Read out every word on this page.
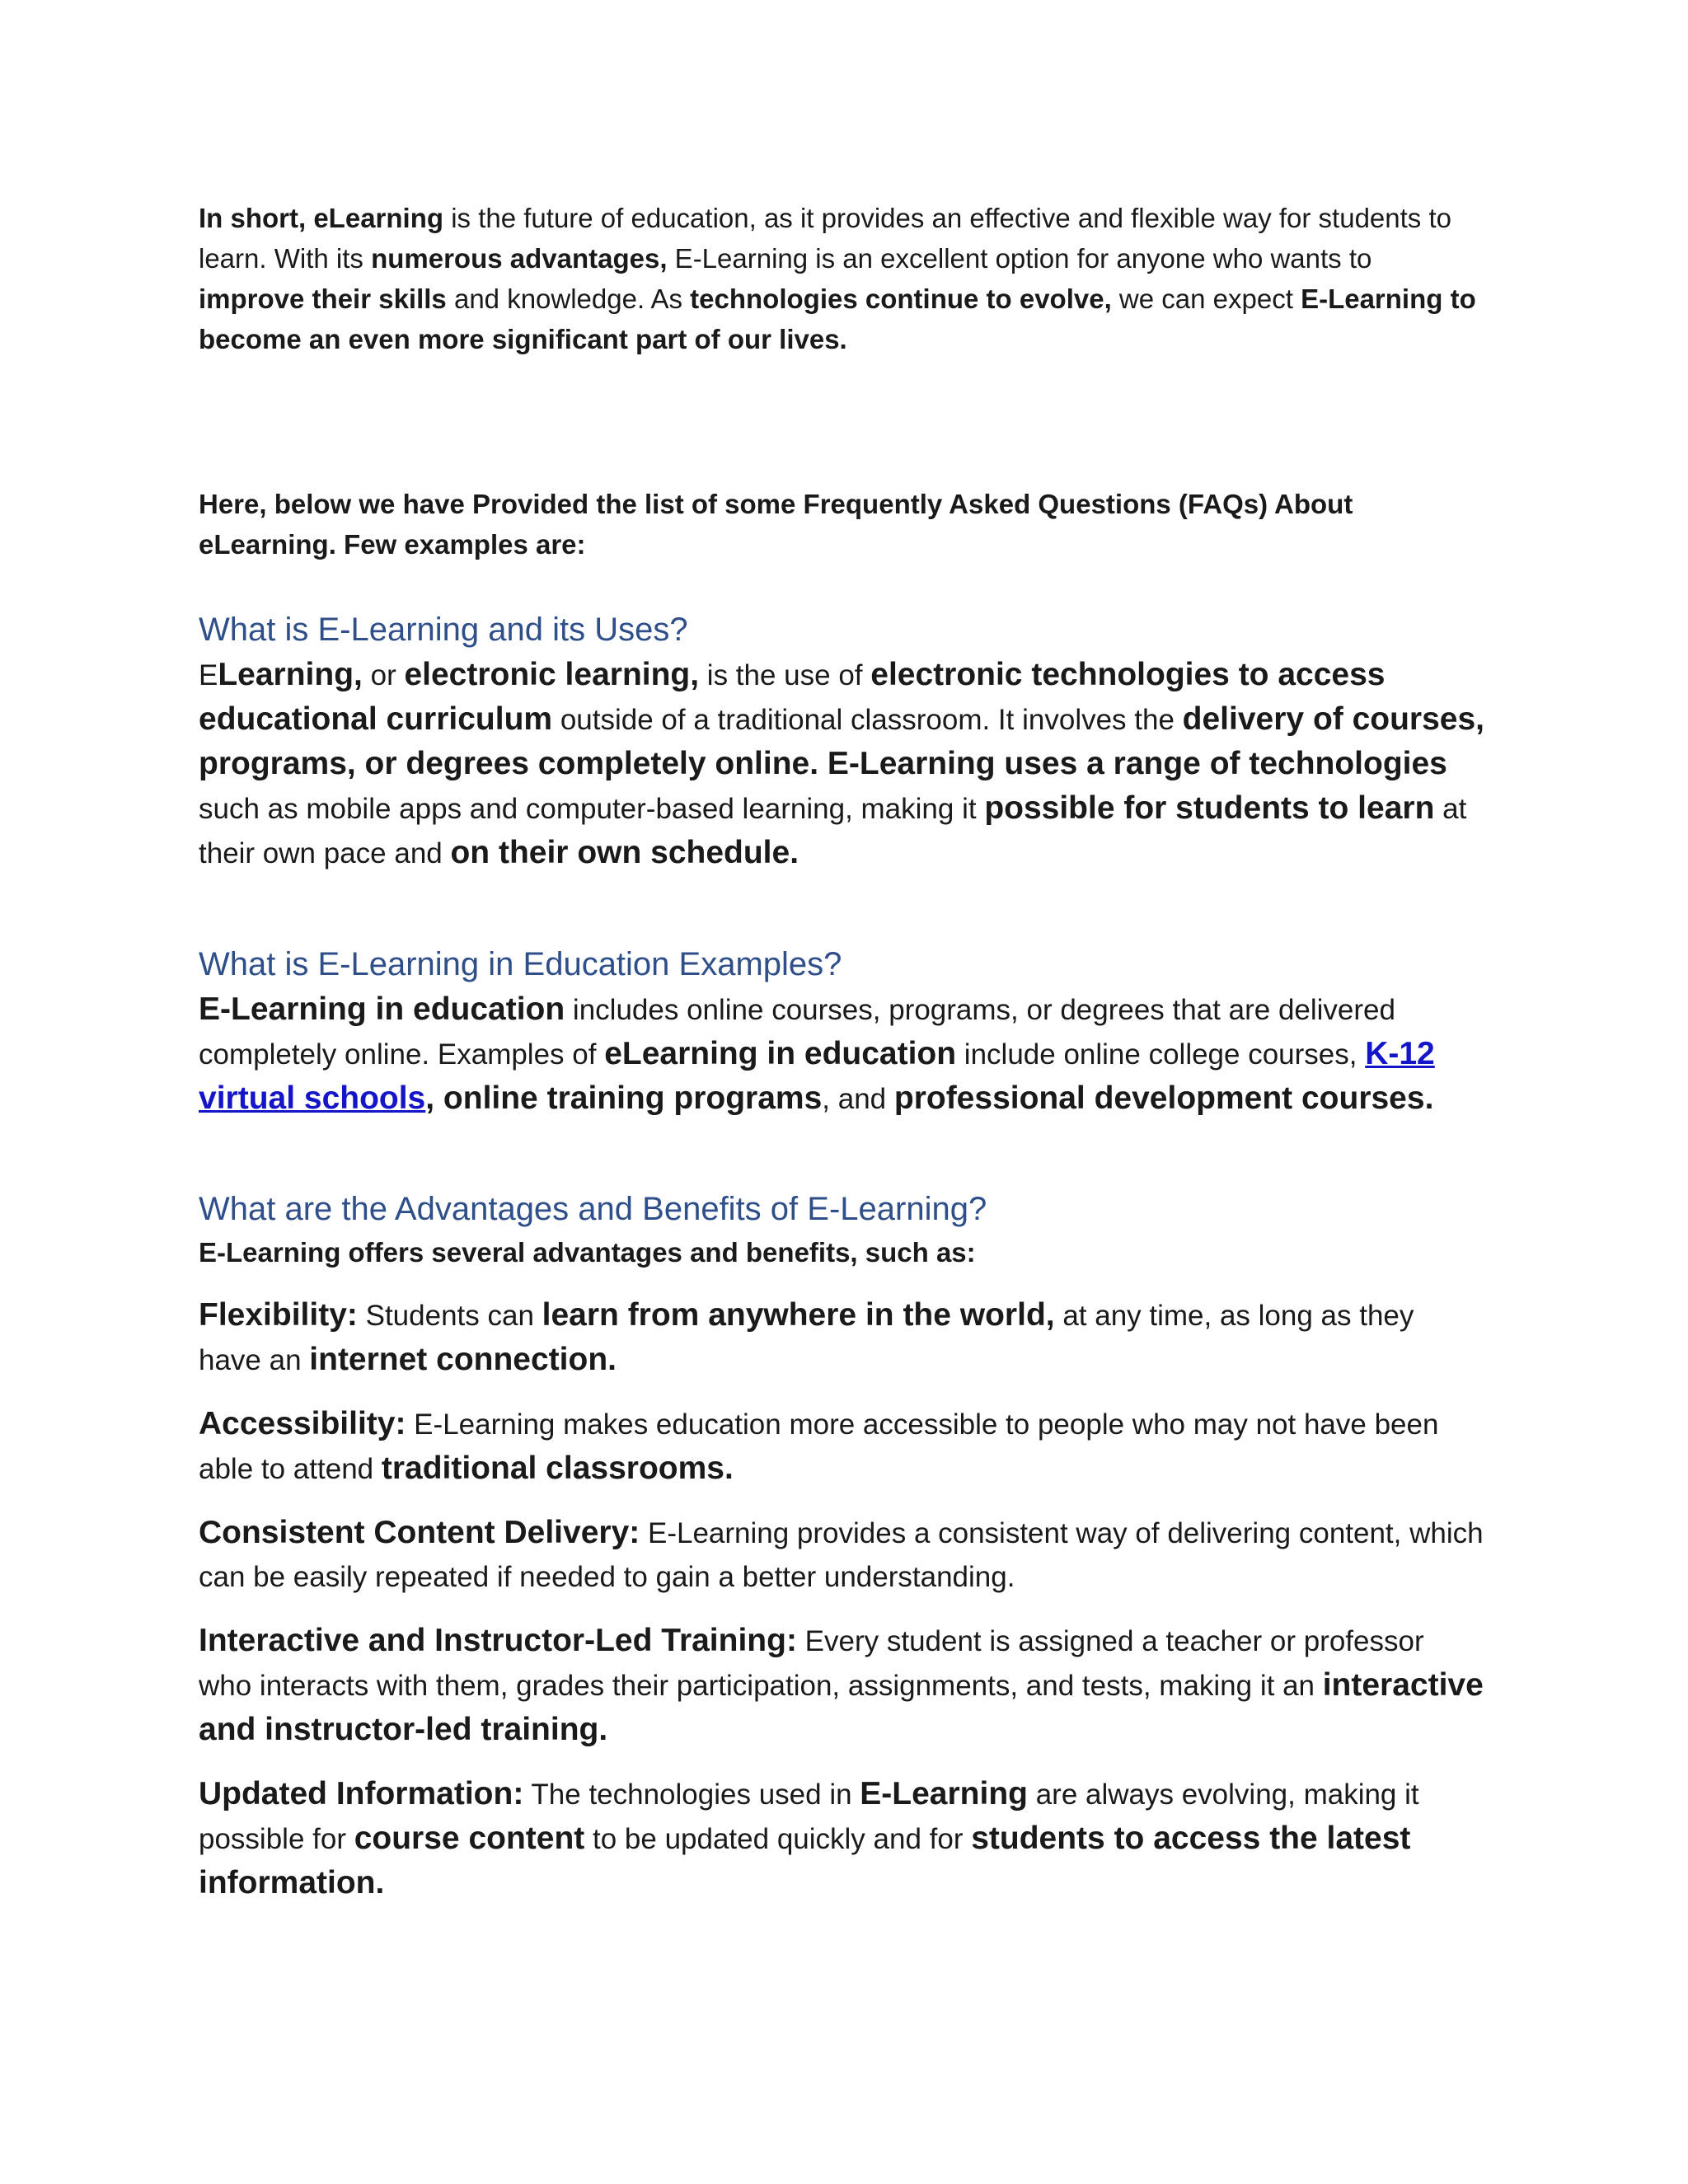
In short, eLearning is the future of education, as it provides an effective and flexible way for students to learn. With its numerous advantages, E-Learning is an excellent option for anyone who wants to improve their skills and knowledge. As technologies continue to evolve, we can expect E-Learning to become an even more significant part of our lives.

Here, below we have Provided the list of some Frequently Asked Questions (FAQs) About eLearning. Few examples are:

What is E-Learning and its Uses?

ELearning, or electronic learning, is the use of electronic technologies to access educational curriculum outside of a traditional classroom. It involves the delivery of courses, programs, or degrees completely online. E-Learning uses a range of technologies such as mobile apps and computer-based learning, making it possible for students to learn at their own pace and on their own schedule.

What is E-Learning in Education Examples?

E-Learning in education includes online courses, programs, or degrees that are delivered completely online. Examples of eLearning in education include online college courses, K-12 virtual schools, online training programs, and professional development courses.

What are the Advantages and Benefits of E-Learning?

E-Learning offers several advantages and benefits, such as:

Flexibility: Students can learn from anywhere in the world, at any time, as long as they have an internet connection.

Accessibility: E-Learning makes education more accessible to people who may not have been able to attend traditional classrooms.

Consistent Content Delivery: E-Learning provides a consistent way of delivering content, which can be easily repeated if needed to gain a better understanding.

Interactive and Instructor-Led Training: Every student is assigned a teacher or professor who interacts with them, grades their participation, assignments, and tests, making it an interactive and instructor-led training.

Updated Information: The technologies used in E-Learning are always evolving, making it possible for course content to be updated quickly and for students to access the latest information.
